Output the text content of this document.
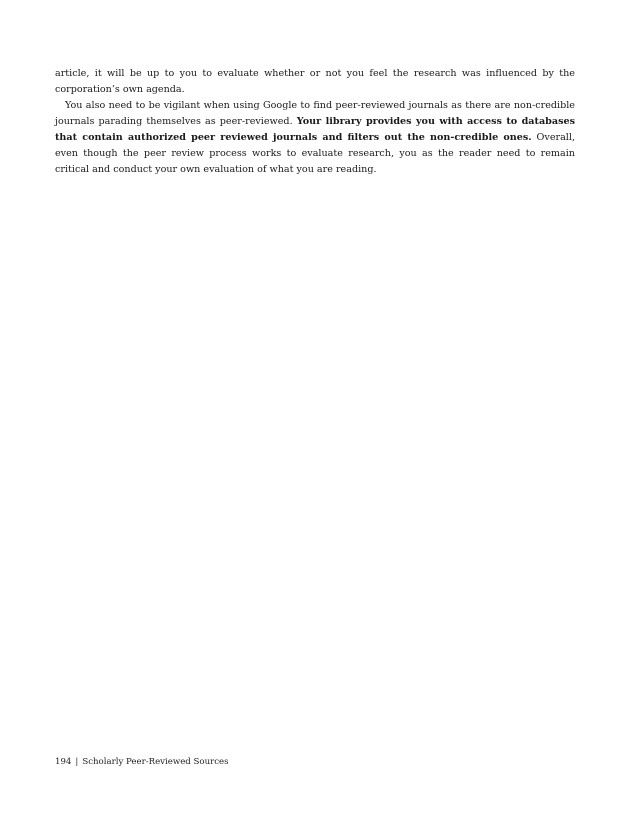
article, it will be up to you to evaluate whether or not you feel the research was influenced by the corporation’s own agenda.

You also need to be vigilant when using Google to find peer-reviewed journals as there are non-credible journals parading themselves as peer-reviewed. Your library provides you with access to databases that contain authorized peer reviewed journals and filters out the non-credible ones. Overall, even though the peer review process works to evaluate research, you as the reader need to remain critical and conduct your own evaluation of what you are reading.

194 | Scholarly Peer-Reviewed Sources
